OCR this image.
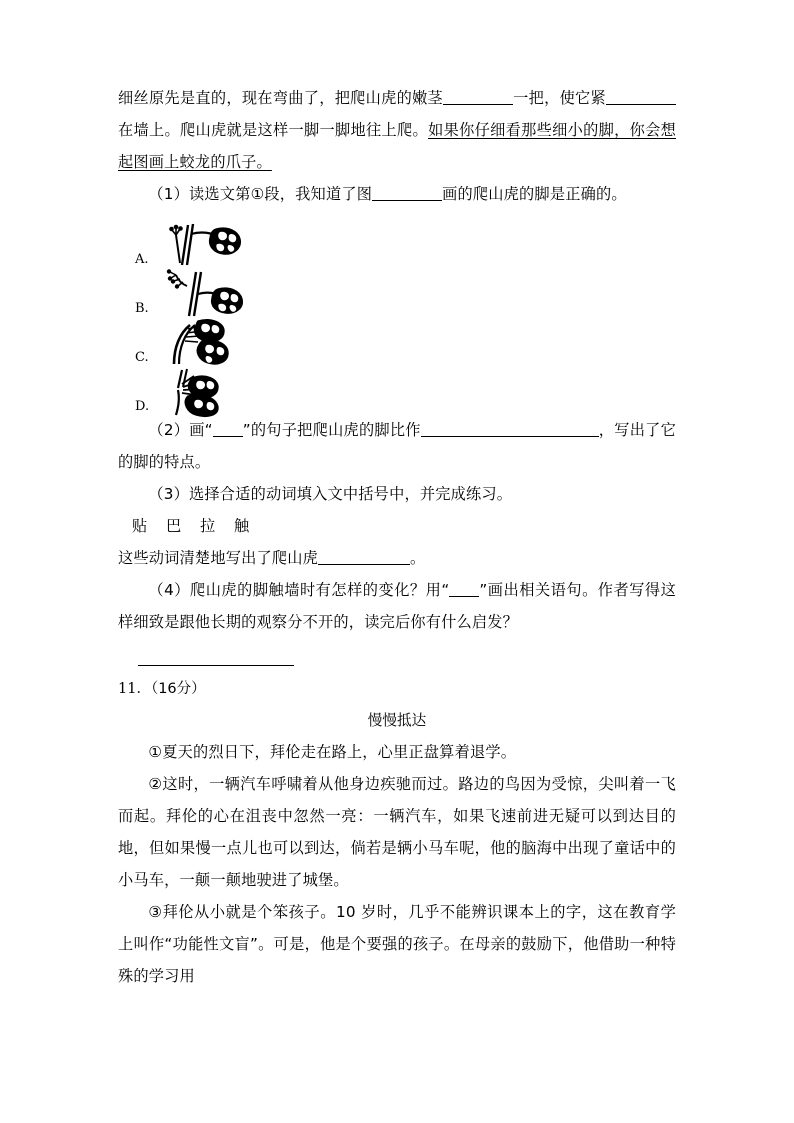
细丝原先是直的，现在弯曲了，把爬山虎的嫩茎	一把，使它紧在墙上。爬山虎就是这样一脚一脚地往上爬。如果你仔细看那些细小的脚，你会想起图画上蛟龙的爪子。

（1）读选文第①段，我知道了图	画的爬山虎的脚是正确的。

A.
B.
C.
D.

（2）画“ ”的句子把爬山虎的脚比作	，写出了它的脚的特点。

（3）选择合适的动词填入文中括号中，并完成练习。

贴 巴 拉 触

这些动词清楚地写出了爬山虎	。

（4）爬山虎的脚触墙时有怎样的变化？用“ ”画出相关语句。作者写得这样细致是跟他长期的观察分不开的，读完后你有什么启发？

11．（16分）

慢慢抵达

①夏天的烈日下，拜伦走在路上，心里正盘算着退学。

②这时，一辆汽车呼啸着从他身边疾驰而过。路边的鸟因为受惊，尖叫着一飞而起。拜伦的心在沮丧中忽然一亮：一辆汽车，如果飞速前进无疑可以到达目的地，但如果慢一点儿也可以到达，倘若是辆小马车呢，他的脑海中出现了童话中的小马车，一颠一颠地驶进了城堡。

③拜伦从小就是个笨孩子。10 岁时，几乎不能辨识课本上的字，这在教育学上叫作“功能性文盲”。可是，他是个要强的孩子。在母亲的鼓励下，他借助一种特殊的学习用
